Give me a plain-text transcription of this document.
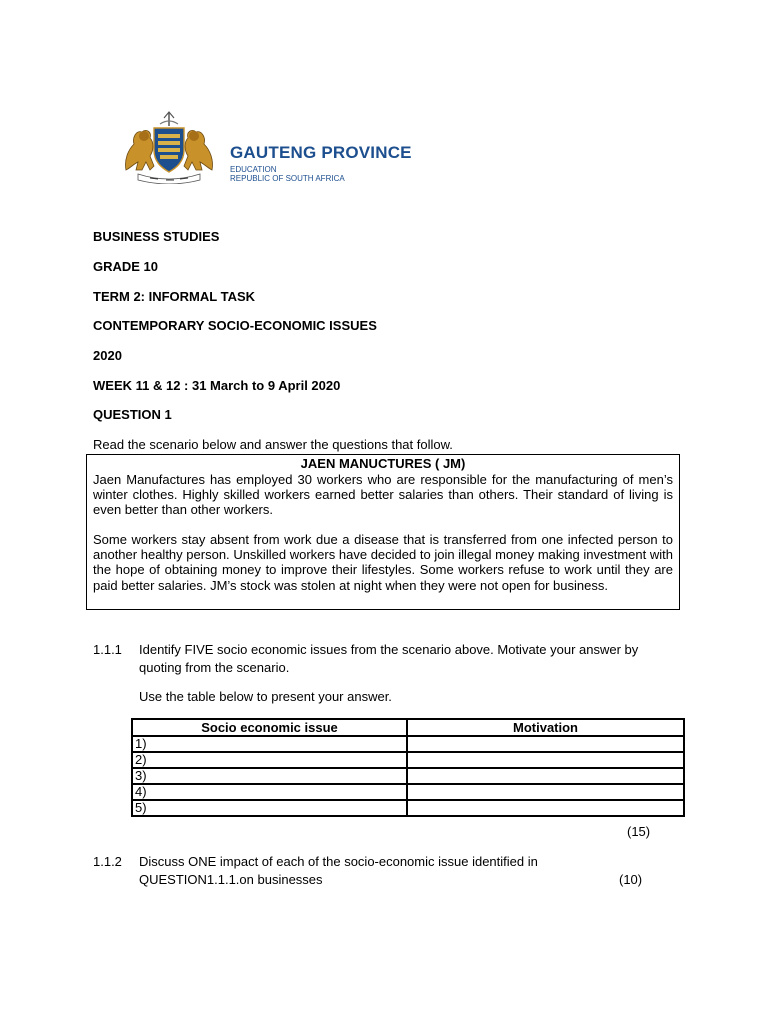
GAUTENG PROVINCE
EDUCATION
REPUBLIC OF SOUTH AFRICA
BUSINESS STUDIES
GRADE 10
TERM 2: INFORMAL TASK
CONTEMPORARY SOCIO-ECONOMIC ISSUES
2020
WEEK 11 & 12 : 31 March to 9 April 2020
QUESTION 1
Read the scenario below and answer the questions that follow.
JAEN MANUCTURES ( JM)
Jaen Manufactures has employed 30 workers who are responsible for the manufacturing of men’s winter clothes. Highly skilled workers earned better salaries than others. Their standard of living is even better than other workers.
Some workers stay absent from work due a disease that is transferred from one infected person to another healthy person. Unskilled workers have decided to join illegal money making investment with the hope of obtaining money to improve their lifestyles. Some workers refuse to work until they are paid better salaries. JM’s stock was stolen at night when they were not open for business.
1.1.1 Identify FIVE socio economic issues from the scenario above. Motivate your answer by quoting from the scenario.
Use the table below to present your answer.
Socio economic issue	Motivation
1)	
2)	
3)	
4)	
5)	
(15)
1.1.2 Discuss ONE impact of each of the socio-economic issue identified in
QUESTION1.1.1.on businesses	(10)
